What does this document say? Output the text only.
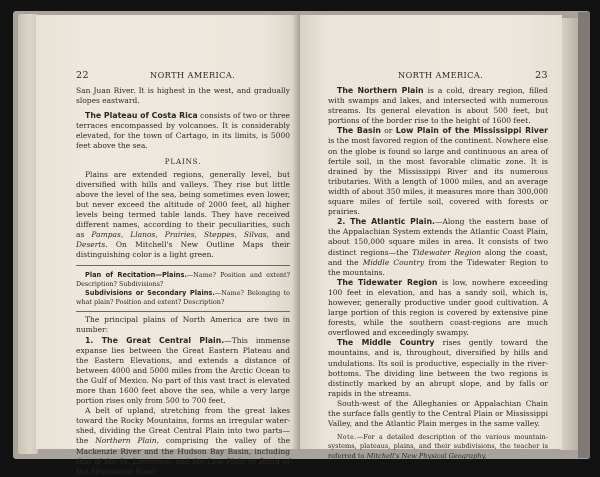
22	NORTH AMERICA.

San Juan River. It is highest in the west, and gradually slopes eastward.

The Plateau of Costa Rica consists of two or three terraces encompassed by volcanoes. It is considerably elevated, for the town of Cartago, in its limits, is 5000 feet above the sea.

PLAINS.

Plains are extended regions, generally level, but diversified with hills and valleys. They rise but little above the level of the sea, being sometimes even lower, but never exceed the altitude of 2000 feet, all higher levels being termed table lands. They have received different names, according to their peculiarities, such as Pampas, Llanos, Prairies, Steppes, Silvas, and Deserts. On Mitchell's New Outline Maps their distinguishing color is a light green.

Plan of Recitation—Plains.—Name? Position and extent? Description? Subdivisions?
Subdivisions or Secondary Plains.—Name? Belonging to what plain? Position and extent? Description?

The principal plains of North America are two in number:

1. The Great Central Plain.—This immense expanse lies between the Great Eastern Plateau and the Eastern Elevations, and extends a distance of between 4000 and 5000 miles from the Arctic Ocean to the Gulf of Mexico. No part of this vast tract is elevated more than 1600 feet above the sea, while a very large portion rises only from 500 to 700 feet.

A belt of upland, stretching from the great lakes toward the Rocky Mountains, forms an irregular water-shed, dividing the Great Central Plain into two parts—the Northern Plain, comprising the valley of the Mackenzie River and the Hudson Bay Basin, including that of the St. Lawrence; and the Low Plain or Basin of the Mississippi River.

NORTH AMERICA.	23

The Northern Plain is a cold, dreary region, filled with swamps and lakes, and intersected with numerous streams. Its general elevation is about 500 feet, but portions of the border rise to the height of 1600 feet.

The Basin or Low Plain of the Mississippi River is the most favored region of the continent. Nowhere else on the globe is found so large and continuous an area of fertile soil, in the most favorable climatic zone. It is drained by the Mississippi River and its numerous tributaries. With a length of 1000 miles, and an average width of about 350 miles, it measures more than 300,000 square miles of fertile soil, covered with forests or prairies.

2. The Atlantic Plain.—Along the eastern base of the Appalachian System extends the Atlantic Coast Plain, about 150,000 square miles in area. It consists of two distinct regions—the Tidewater Region along the coast, and the Middle Country from the Tidewater Region to the mountains.

The Tidewater Region is low, nowhere exceeding 100 feet in elevation, and has a sandy soil, which is, however, generally productive under good cultivation. A large portion of this region is covered by extensive pine forests, while the southern coast-regions are much overflowed and exceedingly swampy.

The Middle Country rises gently toward the mountains, and is, throughout, diversified by hills and undulations. Its soil is productive, especially in the river-bottoms. The dividing line between the two regions is distinctly marked by an abrupt slope, and by falls or rapids in the streams.

South-west of the Alleghanies or Appalachian Chain the surface falls gently to the Central Plain or Mississippi Valley, and the Atlantic Plain merges in the same valley.

Note.—For a detailed description of the various mountain-systems, plateaus, plains, and their subdivisions, the teacher is referred to Mitchell's New Physical Geography.
